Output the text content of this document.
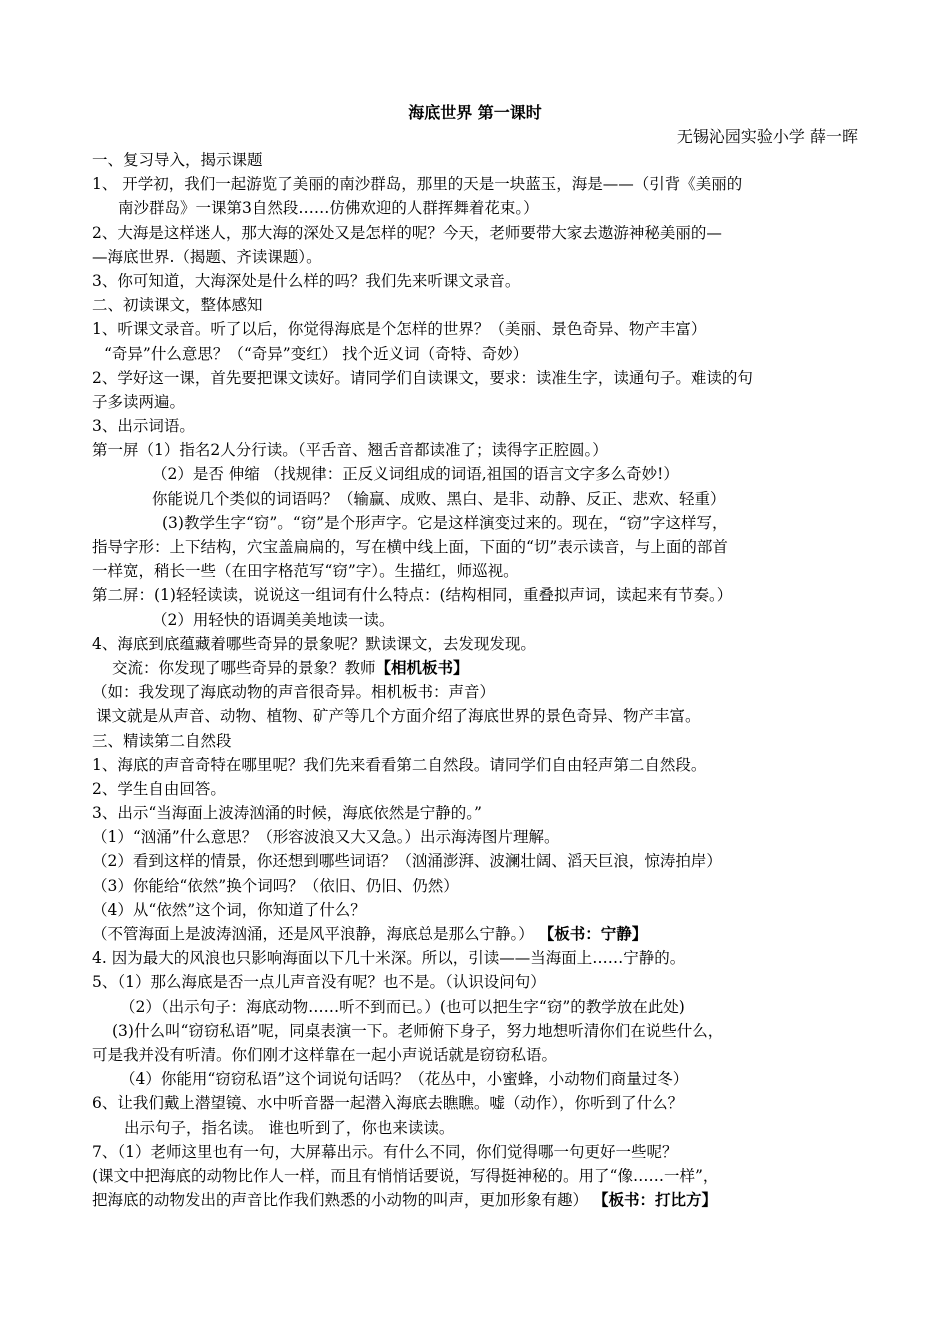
海底世界 第一课时
无锡沁园实验小学 薛一晖
一、复习导入，揭示课题
1、 开学初，我们一起游览了美丽的南沙群岛，那里的天是一块蓝玉，海是——（引背《美丽的
南沙群岛》一课第3自然段……仿佛欢迎的人群挥舞着花束。）
2、大海是这样迷人，那大海的深处又是怎样的呢？今天，老师要带大家去遨游神秘美丽的—
—海底世界.（揭题、齐读课题）。
3、你可知道，大海深处是什么样的吗？我们先来听课文录音。
二、初读课文，整体感知
1、听课文录音。听了以后，你觉得海底是个怎样的世界？（美丽、景色奇异、物产丰富）
“奇异”什么意思？（“奇异”变红） 找个近义词（奇特、奇妙）
2、学好这一课，首先要把课文读好。请同学们自读课文，要求：读准生字，读通句子。难读的句
子多读两遍。
3、出示词语。
第一屏（1）指名2人分行读。（平舌音、翘舌音都读准了；读得字正腔圆。）
（2）是否 伸缩 （找规律：正反义词组成的词语,祖国的语言文字多么奇妙!）
你能说几个类似的词语吗？（输赢、成败、黑白、是非、动静、反正、悲欢、轻重）
(3)教学生字“窃”。“窃”是个形声字。它是这样演变过来的。现在，“窃”字这样写，
指导字形：上下结构，穴宝盖扁扁的，写在横中线上面，下面的“切”表示读音，与上面的部首
一样宽，稍长一些（在田字格范写“窃”字）。生描红，师巡视。
第二屏：(1)轻轻读读，说说这一组词有什么特点：(结构相同，重叠拟声词，读起来有节奏。）
（2）用轻快的语调美美地读一读。
4、海底到底蕴藏着哪些奇异的景象呢？默读课文，去发现发现。
交流：你发现了哪些奇异的景象？教师【相机板书】
（如：我发现了海底动物的声音很奇异。相机板书：声音）
课文就是从声音、动物、植物、矿产等几个方面介绍了海底世界的景色奇异、物产丰富。
三、精读第二自然段
1、海底的声音奇特在哪里呢？我们先来看看第二自然段。请同学们自由轻声第二自然段。
2、学生自由回答。
3、出示“当海面上波涛汹涌的时候，海底依然是宁静的。”
（1）“汹涌”什么意思？（形容波浪又大又急。）出示海涛图片理解。
（2）看到这样的情景，你还想到哪些词语？（汹涌澎湃、波澜壮阔、滔天巨浪，惊涛拍岸）
（3）你能给“依然”换个词吗？（依旧、仍旧、仍然）
（4）从“依然”这个词，你知道了什么？
（不管海面上是波涛汹涌，还是风平浪静，海底总是那么宁静。） 【板书：宁静】
4. 因为最大的风浪也只影响海面以下几十米深。所以，引读——当海面上……宁静的。
5、（1）那么海底是否一点儿声音没有呢？也不是。（认识设问句）
（2）（出示句子：海底动物……听不到而已。）(也可以把生字“窃”的教学放在此处)
(3)什么叫“窃窃私语”呢，同桌表演一下。老师俯下身子，努力地想听清你们在说些什么，
可是我并没有听清。你们刚才这样靠在一起小声说话就是窃窃私语。
（4）你能用“窃窃私语”这个词说句话吗？（花丛中，小蜜蜂，小动物们商量过冬）
6、让我们戴上潜望镜、水中听音器一起潜入海底去瞧瞧。嘘（动作），你听到了什么？
出示句子，指名读。 谁也听到了，你也来读读。
7、（1）老师这里也有一句，大屏幕出示。有什么不同，你们觉得哪一句更好一些呢？
(课文中把海底的动物比作人一样，而且有悄悄话要说，写得挺神秘的。用了“像……一样”，
把海底的动物发出的声音比作我们熟悉的小动物的叫声，更加形象有趣） 【板书：打比方】
